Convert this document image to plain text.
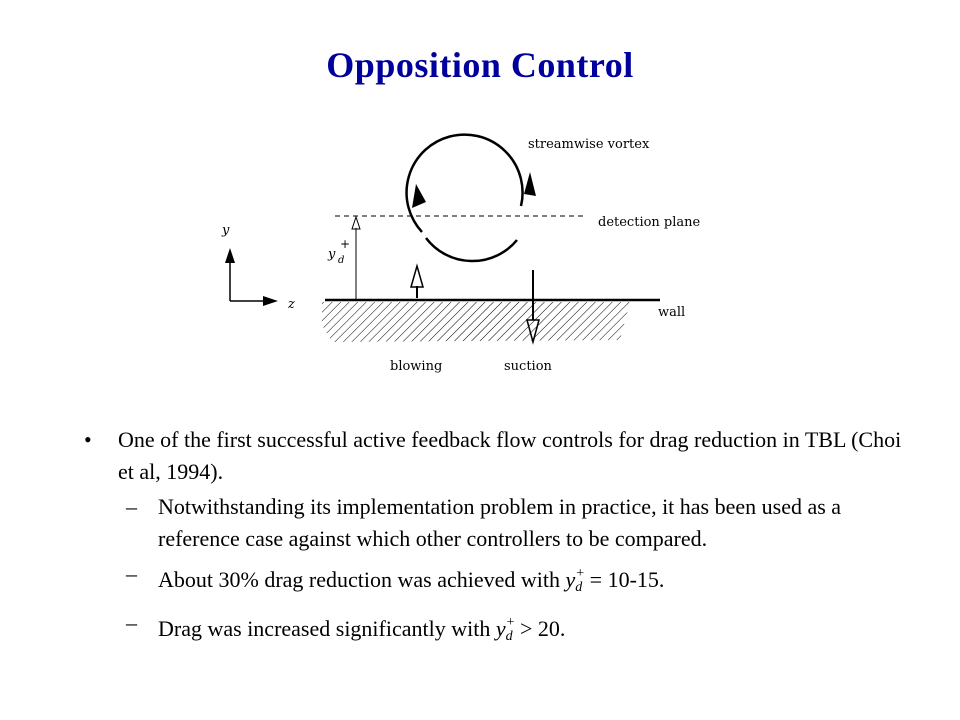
Opposition Control
y
z
wall
detection plane
y d
+
streamwise vortex
blowing	suction
• One of the first successful active feedback flow controls for drag reduction in TBL (Choi et al, 1994).
– Notwithstanding its implementation problem in practice, it has been used as a reference case against which other controllers to be compared.
– About 30% drag reduction was achieved with $y_d^+ = 10-15$.
– Drag was increased significantly with $y_d^+ > 20$.
